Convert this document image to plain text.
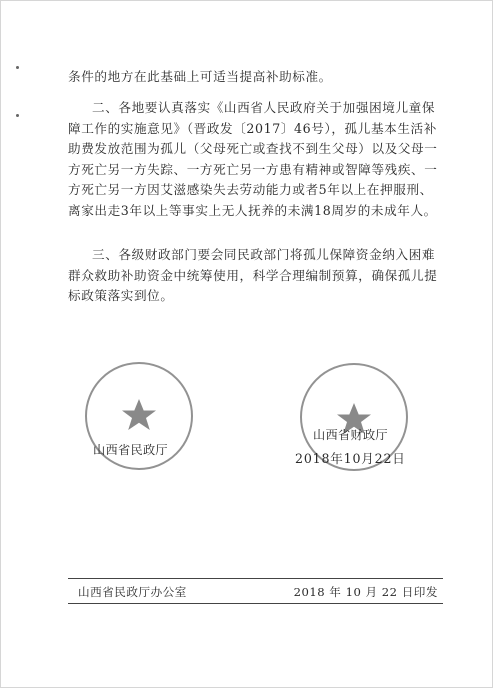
条件的地方在此基础上可适当提高补助标准。

二、各地要认真落实《山西省人民政府关于加强困境儿童保障工作的实施意见》（晋政发〔2017〕46号），孤儿基本生活补助费发放范围为孤儿（父母死亡或查找不到生父母）以及父母一方死亡另一方失踪、一方死亡另一方患有精神或智障等残疾、一方死亡另一方因艾滋感染失去劳动能力或者5年以上在押服刑、离家出走3年以上等事实上无人抚养的未满18周岁的未成年人。

三、各级财政部门要会同民政部门将孤儿保障资金纳入困难群众救助补助资金中统筹使用，科学合理编制预算，确保孤儿提标政策落实到位。

山西省民政厅
山西省财政厅
2018年10月22日
山西省民政厅办公室	2018 年 10 月 22 日印发
